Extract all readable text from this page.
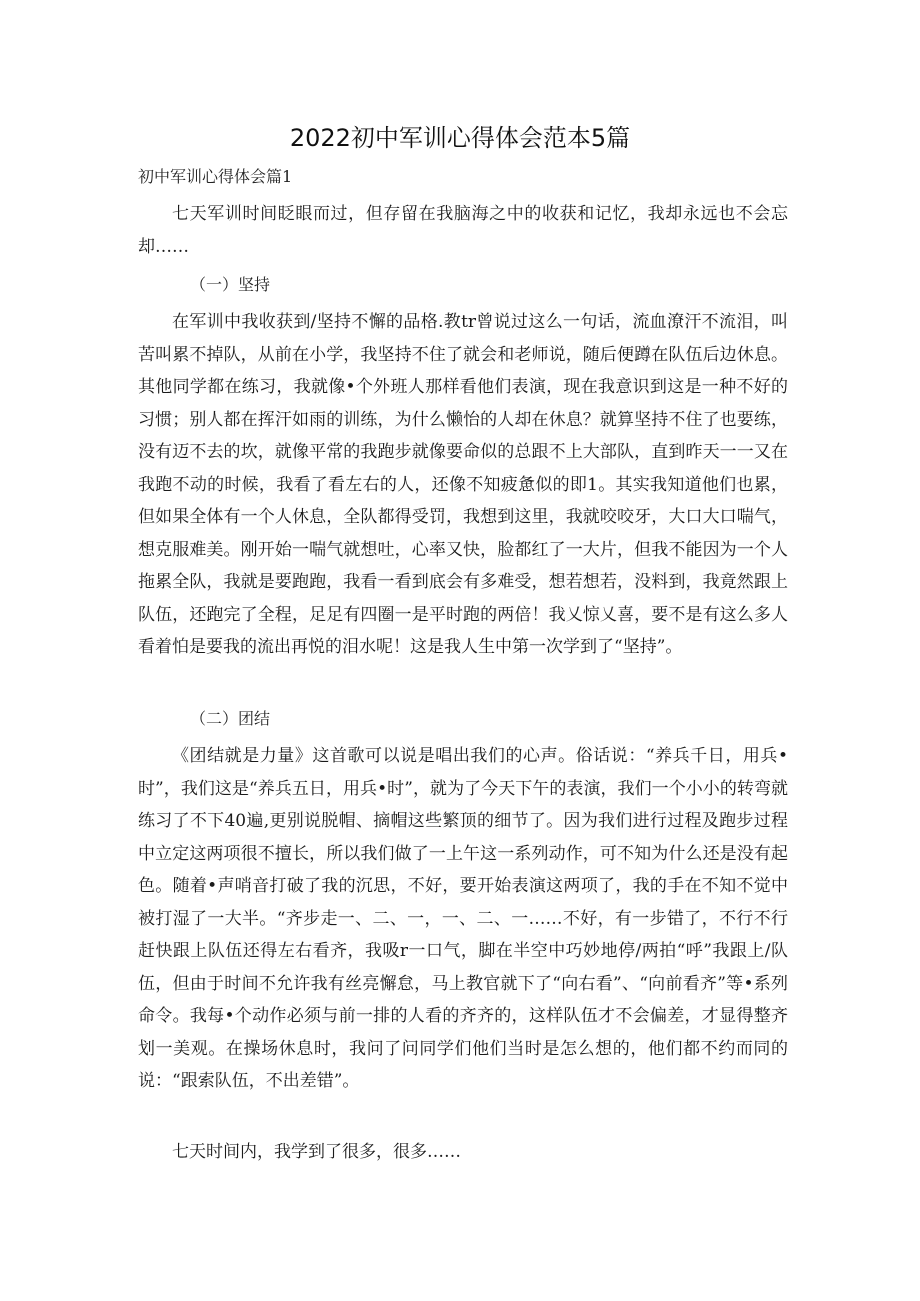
2022初中军训心得体会范本5篇
初中军训心得体会篇1

七天军训时间眨眼而过，但存留在我脑海之中的收获和记忆，我却永远也不会忘却……

（一）坚持

在军训中我收获到/坚持不懈的品格.教tr曾说过这么一句话，流血潦汗不流泪，叫苦叫累不掉队，从前在小学，我坚持不住了就会和老师说，随后便蹲在队伍后边休息。其他同学都在练习，我就像•个外班人那样看他们表演，现在我意识到这是一种不好的习惯；别人都在挥汗如雨的训练，为什么懒怡的人却在休息？就算坚持不住了也要练，没有迈不去的坎，就像平常的我跑步就像要命似的总跟不上大部队，直到昨天一一又在我跑不动的时候，我看了看左右的人，还像不知疲惫似的即1。其实我知道他们也累，但如果全体有一个人休息，全队都得受罚，我想到这里，我就咬咬牙，大口大口喘气，想克服难美。刚开始一喘气就想吐，心率又快，脸都红了一大片，但我不能因为一个人拖累全队，我就是要跑跑，我看一看到底会有多难受，想若想若，没料到，我竟然跟上队伍，还跑完了全程，足足有四圈一是平时跑的两倍！我乂惊乂喜，要不是有这么多人看着怕是要我的流出再悦的泪水呢！这是我人生中第一次学到了“坚持”。

（二）团结

《团结就是力量》这首歌可以说是唱出我们的心声。俗话说：“养兵千日，用兵•时”，我们这是“养兵五日，用兵•时”，就为了今天下午的表演，我们一个小小的转弯就练习了不下40遍,更别说脱帽、摘帽这些繁顶的细节了。因为我们进行过程及跑步过程中立定这两项很不擅长，所以我们做了一上午这一系列动作，可不知为什么还是没有起色。随着•声哨音打破了我的沉思，不好，要开始表演这两项了，我的手在不知不觉中被打湿了一大半。“齐步走一、二、一，一、二、一……不好，有一步错了，不行不行赶快跟上队伍还得左右看齐，我吸r一口气，脚在半空中巧妙地停/两拍“呼”我跟上/队伍，但由于时间不允许我有丝亮懈怠，马上教官就下了“向右看”、“向前看齐”等•系列命令。我每•个动作必须与前一排的人看的齐齐的，这样队伍才不会偏差，才显得整齐划一美观。在操场休息时，我问了问同学们他们当时是怎么想的，他们都不约而同的说：“跟索队伍，不出差错”。

七天时间内，我学到了很多，很多……
